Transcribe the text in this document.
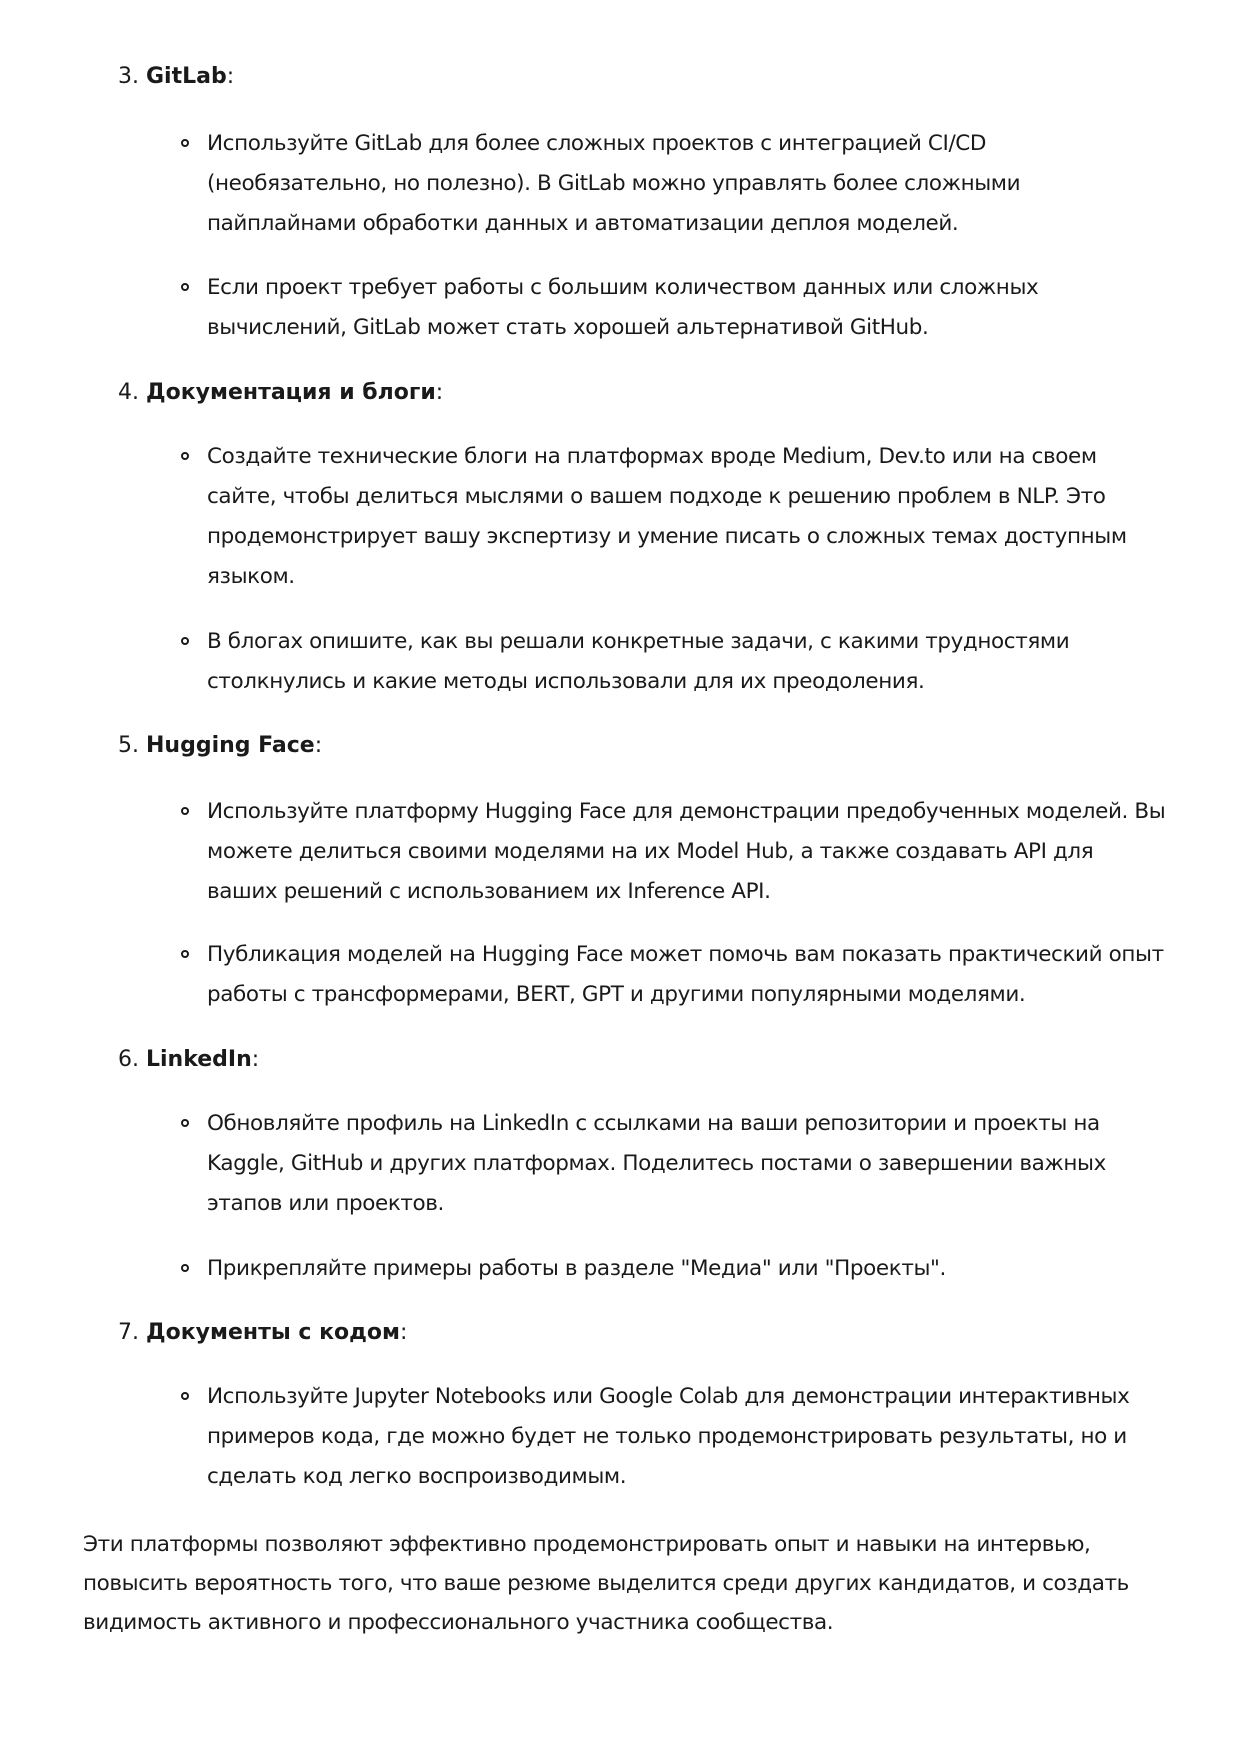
3. GitLab:
Используйте GitLab для более сложных проектов с интеграцией CI/CD (необязательно, но полезно). В GitLab можно управлять более сложными пайплайнами обработки данных и автоматизации деплоя моделей.
Если проект требует работы с большим количеством данных или сложных вычислений, GitLab может стать хорошей альтернативой GitHub.
4. Документация и блоги:
Создайте технические блоги на платформах вроде Medium, Dev.to или на своем сайте, чтобы делиться мыслями о вашем подходе к решению проблем в NLP. Это продемонстрирует вашу экспертизу и умение писать о сложных темах доступным языком.
В блогах опишите, как вы решали конкретные задачи, с какими трудностями столкнулись и какие методы использовали для их преодоления.
5. Hugging Face:
Используйте платформу Hugging Face для демонстрации предобученных моделей. Вы можете делиться своими моделями на их Model Hub, а также создавать API для ваших решений с использованием их Inference API.
Публикация моделей на Hugging Face может помочь вам показать практический опыт работы с трансформерами, BERT, GPT и другими популярными моделями.
6. LinkedIn:
Обновляйте профиль на LinkedIn с ссылками на ваши репозитории и проекты на Kaggle, GitHub и других платформах. Поделитесь постами о завершении важных этапов или проектов.
Прикрепляйте примеры работы в разделе "Медиа" или "Проекты".
7. Документы с кодом:
Используйте Jupyter Notebooks или Google Colab для демонстрации интерактивных примеров кода, где можно будет не только продемонстрировать результаты, но и сделать код легко воспроизводимым.

Эти платформы позволяют эффективно продемонстрировать опыт и навыки на интервью, повысить вероятность того, что ваше резюме выделится среди других кандидатов, и создать видимость активного и профессионального участника сообщества.
